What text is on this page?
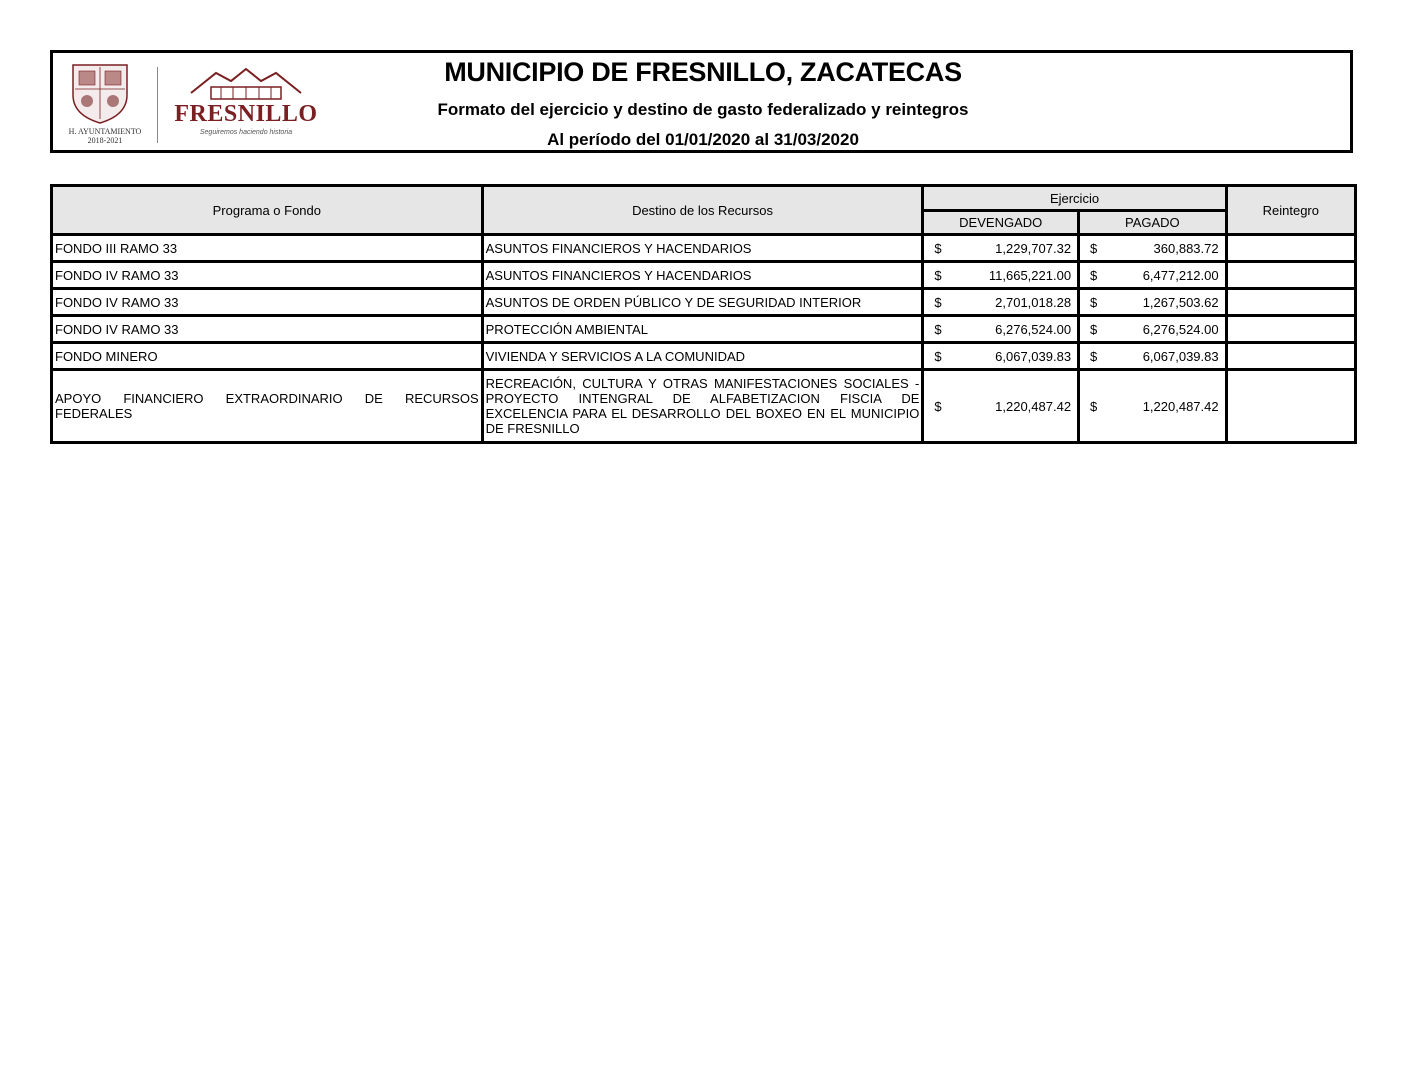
H. AYUNTAMIENTO
2018-2021
FRESNILLO
Seguiremos haciendo historia
MUNICIPIO DE FRESNILLO, ZACATECAS
Formato del ejercicio y destino de gasto federalizado y reintegros
Al período del 01/01/2020 al 31/03/2020
Programa o Fondo	Destino de los Recursos	Ejercicio		Reintegro
		DEVENGADO	PAGADO	
FONDO III RAMO 33	ASUNTOS FINANCIEROS Y HACENDARIOS	$ 1,229,707.32	$ 360,883.72	

FONDO IV RAMO 33	ASUNTOS FINANCIEROS Y HACENDARIOS	$ 11,665,221.00	$ 6,477,212.00	

FONDO IV RAMO 33	ASUNTOS DE ORDEN PÚBLICO Y DE SEGURIDAD INTERIOR	$ 2,701,018.28	$ 1,267,503.62	

FONDO IV RAMO 33	PROTECCIÓN AMBIENTAL	$ 6,276,524.00	$ 6,276,524.00	

FONDO MINERO	VIVIENDA Y SERVICIOS A LA COMUNIDAD	$ 6,067,039.83	$ 6,067,039.83	

APOYO FINANCIERO EXTRAORDINARIO DE RECURSOS FEDERALES	RECREACIÓN, CULTURA Y OTRAS MANIFESTACIONES SOCIALES - PROYECTO INTENGRAL DE ALFABETIZACION FISCIA DE EXCELENCIA PARA EL DESARROLLO DEL BOXEO EN EL MUNICIPIO DE FRESNILLO	$ 1,220,487.42	$ 1,220,487.42	
